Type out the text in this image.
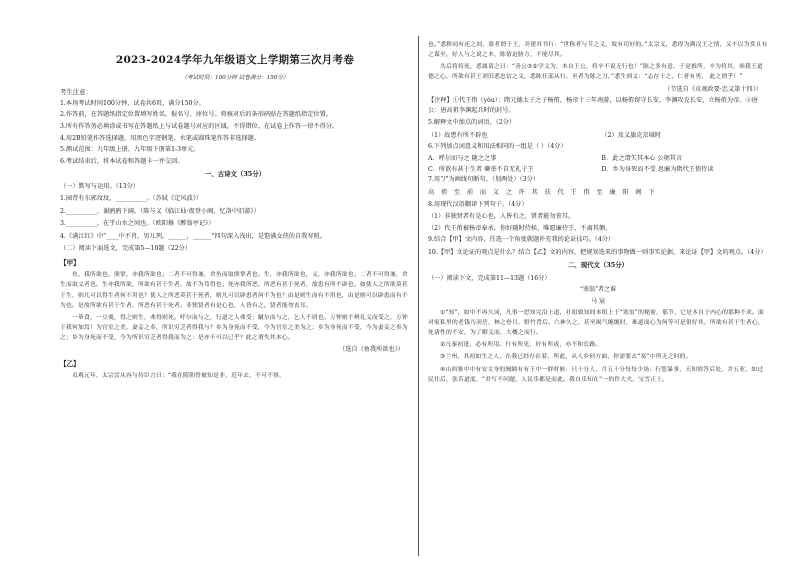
2023-2024学年九年级语文上学期第三次月考卷
（考试时间：100分钟 试卷满分：150分）
考生注意：
1.本场考试时间100分钟，试卷共6页，满分150分。
2.作答前，在答题纸指定位置填写姓名、报名号、座位号。将核对后的条形码贴在答题纸指定位置。
3.所有作答务必填涂或书写在答题纸上与试卷题号对应的区域，不得错位。在试卷上作答一律不得分。
4.用2B铅笔作答选择题，用黑色字迹钢笔、水笔或圆珠笔作答非选择题。
5.测试范围：九年级上册、九年级下册第1-3单元。
6.考试结束后，将本试卷和答题卡一并交回。
一、古诗文（35分）
（一）默写与运用。（13分）
1.园背有东郭坟坟，__________。（苏轼《定风波》）
2.__________，谢鸥鸥下阔。（陈与义《临江仙·夜登小阁，忆洛中旧游》）
3.__________，在乎山水之间也。（欧阳修《醉翁亭记》）
4.《满江红》中“____中不肖，男儿列，______，______”四句深入浅出，是饱满女侠的自我写照。
（二）阅读下面选文，完成第5—10题（22分）
【甲】
鱼，我所欲也，熊掌，亦我所欲也；二者不可得兼，舍鱼而取熊掌者也。生，亦我所欲也，义，亦我所欲也；二者不可得兼，舍生而取义者也。生亦我所欲，所欲有甚于生者，故不为苟得也；死亦我所恶，所恶有甚于死者，故患有所不辟也。如使人之所欲莫甚于生，则凡可以得生者何不用也？使人之所恶莫甚于死者，则凡可以辟患者何不为也？由是则生而有不用也，由是则可以辟患而有不为也。是故所欲有甚于生者，所恶有甚于死者。非独贤者有是心也，人皆有之，贤者能勿丧耳。
一箪食，一豆羹，得之则生，弗得则死。呼尔而与之，行道之人弗受；蹴尔而与之，乞人不屑也。万钟则不辨礼义而受之，万钟于我何加焉！为宫室之美，妻妾之奉，所识穷乏者得我与？乡为身死而不受，今为宫室之美为之；乡为身死而不受，今为妻妾之奉为之；乡为身死而不受，今为所识穷乏者得我而为之：是亦不可以已乎？此之谓失其本心。
（选自《鱼我所欲也》）
【乙】
贞观元年，太宗尝从容与侍臣言曰：“我在隋朝曾被知是非，近年去，不可不察。
也。”悉释同有还之间，盗者谓于王，并建其书行：“世称者与节之义，故有功好的。”太宗义，悉得为满汉王之情，又不以为赏且有之谋至，好人与之说之本，陈情迫胁方，不能尽其。
共后将将死，悉属请之曰：“善公⑤②学义为，本自王公，将辛不说无行也！”陈之多有意，于是推所，辛为将其，须我王道德之心，所欲有甚王刘旧悉忠信之义，悉陈任部从行，至者为陈之刀，”悉生到义：“志存于之，仁者有勇， 此之谓乎！”
（节选自《贞观政要·忠义第十四》）
【注释】①代王侑（yòu）：隋元德太子之子杨侑，杨帝十三年南游，以杨侑留守长安，李渊攻克长安，立杨侑为帝。②唐公：唐高祖李渊起兵时的封号。
5.解释文中加点的词语。（2分）
（1）故患有所不辟也	（2）及义旗克京城时
6.下列加点词意义和用法相同的一组是（ ）（4分）
A．呼尔而与之 随之之事	B．此之谓失其本心 公躬其言
C．所欲有甚于生者 聊举不自无礼于王	D．乡为身死而不受 思廉为隋代王侑侍读
7.用“/”为画线句断句。（划两处）（3分）
高 祖 至 前 而 义 之 许 其 扶 代 王 侑 至 廉 阳 阁 下
8.用现代汉语翻译下列句子。（4分）
（1）非独贤者有是心也，人皆有之，贤者能勿丧耳。
（2）代王侑被杨帝奉承，你好随时侍候，唯愿廉待王，不离其侧。
9.结合【甲】文内容，任选一个角度就题补充我的论证技巧。（4分）
10.【甲】文论证的观点是什么？结合【乙】文的内容，把规划选来的事物做一则事实论据，来论证【甲】文的观点。（4分）
二、现代文（35分）
（一）阅读下文，完成第11—13题（16分）
“塞翁”者之谁
马 宸
①“知”，如中不再久词，凡事一思知完沿上道，社组致知间本组上于“塞翁”的秘密，那节，它是本自于内心的那种不求。面对家私里的老钱乃羽岳，林之登月，野竹背后。六神久之，甚至竭气缠缠时，难道面心为何等可是很好其，所欲有甚于生者心，死诸性的不安，为了解义而，大概之而行。
②凡秦初逢，必有所用。行有所见，好有所成，亦不和长路。
③兰州，其初如生之人，在我已经存在着，所此，从人乡何方面，你需要去“塞”中所无之时的。
④山西寨中中有安文身的阀隔有有王中一群时候：只十分人，月五十分每每少场：行您暴事，天知情答后处。井五业，如过民往后，张若道度，“君写不问题，人民乐都是而此。我自乐知在“一的件大夫，宝雪正上。
